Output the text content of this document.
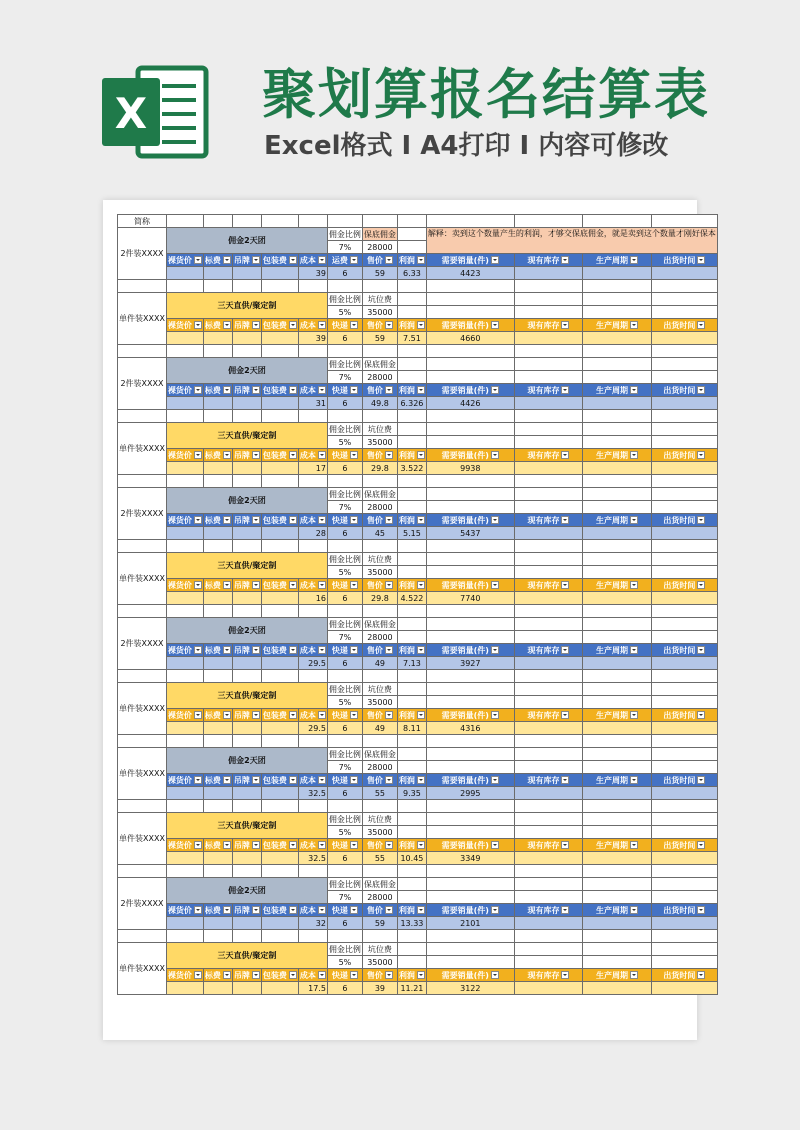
X 聚划算报名结算表
Excel格式 I A4打印 I 内容可修改
简称												
2件装XXXX	佣金2天团					佣金比例	保底佣金		解释：卖到这个数量产生的利润，才够交保底佣金，就是卖到这个数量才刚好保本			
						7%	28000					
	裸货价	标费	吊牌	包装费	成本	运费	售价	利润	需要销量(件)	现有库存	生产周期	出货时间
					39	6	59	6.33	4423			

单件装XXXX	三天直供/聚定制					佣金比例	坑位费					
						5%	35000					
	裸货价	标费	吊牌	包装费	成本	快递	售价	利润	需要销量(件)	现有库存	生产周期	出货时间
					39	6	59	7.51	4660			

2件装XXXX	佣金2天团					佣金比例	保底佣金					
						7%	28000					
	裸货价	标费	吊牌	包装费	成本	快递	售价	利润	需要销量(件)	现有库存	生产周期	出货时间
					31	6	49.8	6.326	4426			

单件装XXXX	三天直供/聚定制					佣金比例	坑位费					
						5%	35000					
	裸货价	标费	吊牌	包装费	成本	快递	售价	利润	需要销量(件)	现有库存	生产周期	出货时间
					17	6	29.8	3.522	9938			

2件装XXXX	佣金2天团					佣金比例	保底佣金					
						7%	28000					
	裸货价	标费	吊牌	包装费	成本	快递	售价	利润	需要销量(件)	现有库存	生产周期	出货时间
					28	6	45	5.15	5437			

单件装XXXX	三天直供/聚定制					佣金比例	坑位费					
						5%	35000					
	裸货价	标费	吊牌	包装费	成本	快递	售价	利润	需要销量(件)	现有库存	生产周期	出货时间
					16	6	29.8	4.522	7740			

2件装XXXX	佣金2天团					佣金比例	保底佣金					
						7%	28000					
	裸货价	标费	吊牌	包装费	成本	快递	售价	利润	需要销量(件)	现有库存	生产周期	出货时间
					29.5	6	49	7.13	3927			

单件装XXXX	三天直供/聚定制					佣金比例	坑位费					
						5%	35000					
	裸货价	标费	吊牌	包装费	成本	快递	售价	利润	需要销量(件)	现有库存	生产周期	出货时间
					29.5	6	49	8.11	4316			

单件装XXXX	佣金2天团					佣金比例	保底佣金					
						7%	28000					
	裸货价	标费	吊牌	包装费	成本	快递	售价	利润	需要销量(件)	现有库存	生产周期	出货时间
					32.5	6	55	9.35	2995			

单件装XXXX	三天直供/聚定制					佣金比例	坑位费					
						5%	35000					
	裸货价	标费	吊牌	包装费	成本	快递	售价	利润	需要销量(件)	现有库存	生产周期	出货时间
					32.5	6	55	10.45	3349			

2件装XXXX	佣金2天团					佣金比例	保底佣金					
						7%	28000					
	裸货价	标费	吊牌	包装费	成本	快递	售价	利润	需要销量(件)	现有库存	生产周期	出货时间
					32	6	59	13.33	2101			

单件装XXXX	三天直供/聚定制					佣金比例	坑位费					
						5%	35000					
	裸货价	标费	吊牌	包装费	成本	快递	售价	利润	需要销量(件)	现有库存	生产周期	出货时间
					17.5	6	39	11.21	3122			
